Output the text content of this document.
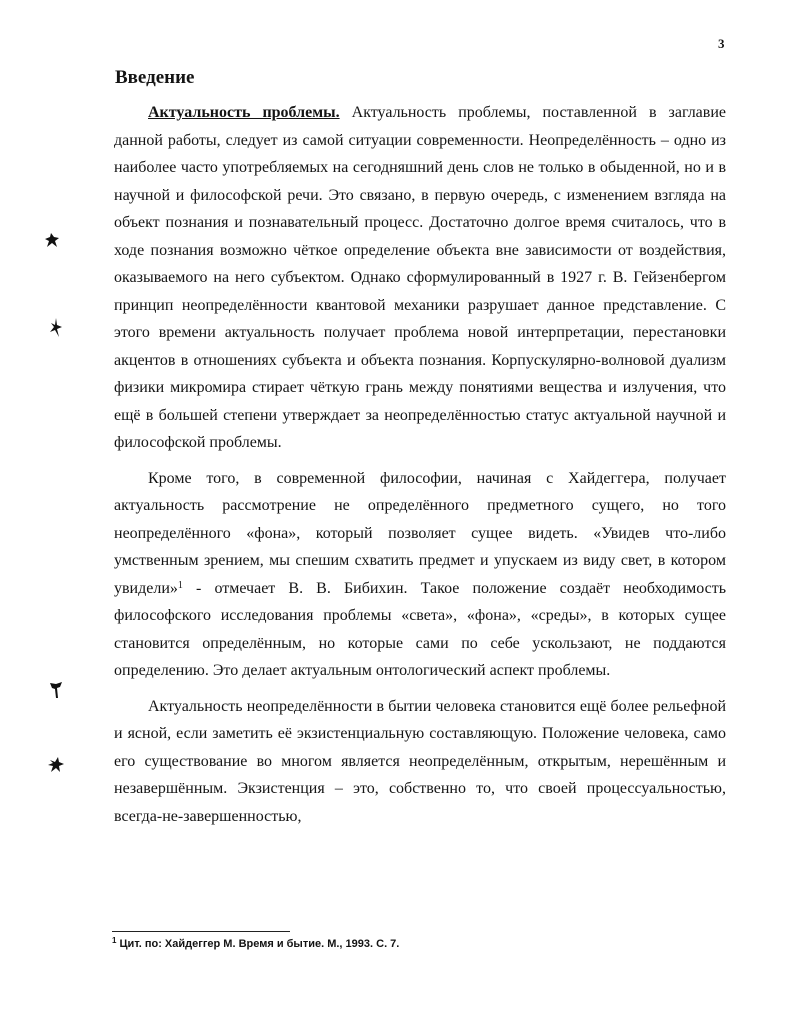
3
Введение

Актуальность проблемы. Актуальность проблемы, поставленной в заглавие данной работы, следует из самой ситуации современности. Неопределённость – одно из наиболее часто употребляемых на сегодняшний день слов не только в обыденной, но и в научной и философской речи. Это связано, в первую очередь, с изменением взгляда на объект познания и познавательный процесс. Достаточно долгое время считалось, что в ходе познания возможно чёткое определение объекта вне зависимости от воздействия, оказываемого на него субъектом. Однако сформулированный в 1927 г. В. Гейзенбергом принцип неопределённости квантовой механики разрушает данное представление. С этого времени актуальность получает проблема новой интерпретации, перестановки акцентов в отношениях субъекта и объекта познания. Корпускулярно-волновой дуализм физики микромира стирает чёткую грань между понятиями вещества и излучения, что ещё в большей степени утверждает за неопределённостью статус актуальной научной и философской проблемы.

Кроме того, в современной философии, начиная с Хайдеггера, получает актуальность рассмотрение не определённого предметного сущего, но того неопределённого «фона», который позволяет сущее видеть. «Увидев что-либо умственным зрением, мы спешим схватить предмет и упускаем из виду свет, в котором увидели»$^1$ - отмечает В. В. Бибихин. Такое положение создаёт необходимость философского исследования проблемы «света», «фона», «среды», в которых сущее становится определённым, но которые сами по себе ускользают, не поддаются определению. Это делает актуальным онтологический аспект проблемы.

Актуальность неопределённости в бытии человека становится ещё более рельефной и ясной, если заметить её экзистенциальную составляющую. Положение человека, само его существование во многом является неопределённым, открытым, нерешённым и незавершённым. Экзистенция – это, собственно то, что своей процессуальностью, всегда-не-завершенностью,

$^1$ Цит. по: Хайдеггер М. Время и бытие. М., 1993. С. 7.
